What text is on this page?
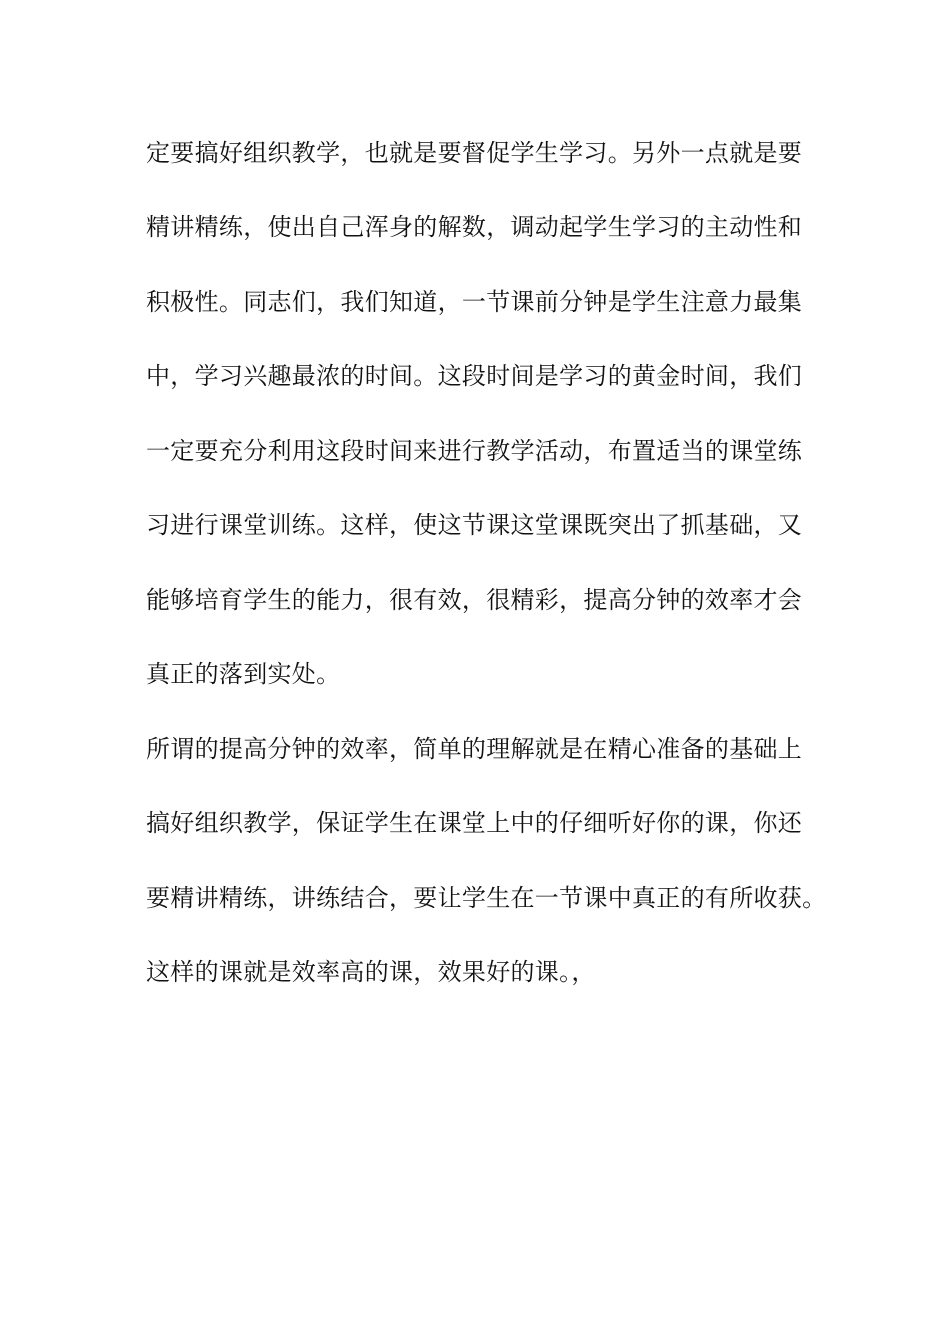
定要搞好组织教学，也就是要督促学生学习。另外一点就是要
精讲精练，使出自己浑身的解数，调动起学生学习的主动性和
积极性。同志们，我们知道，一节课前分钟是学生注意力最集
中，学习兴趣最浓的时间。这段时间是学习的黄金时间，我们
一定要充分利用这段时间来进行教学活动，布置适当的课堂练
习进行课堂训练。这样，使这节课这堂课既突出了抓基础，又
能够培育学生的能力，很有效，很精彩，提高分钟的效率才会
真正的落到实处。
所谓的提高分钟的效率，简单的理解就是在精心准备的基础上
搞好组织教学，保证学生在课堂上中的仔细听好你的课，你还
要精讲精练，讲练结合，要让学生在一节课中真正的有所收获。
这样的课就是效率高的课，效果好的课。，
